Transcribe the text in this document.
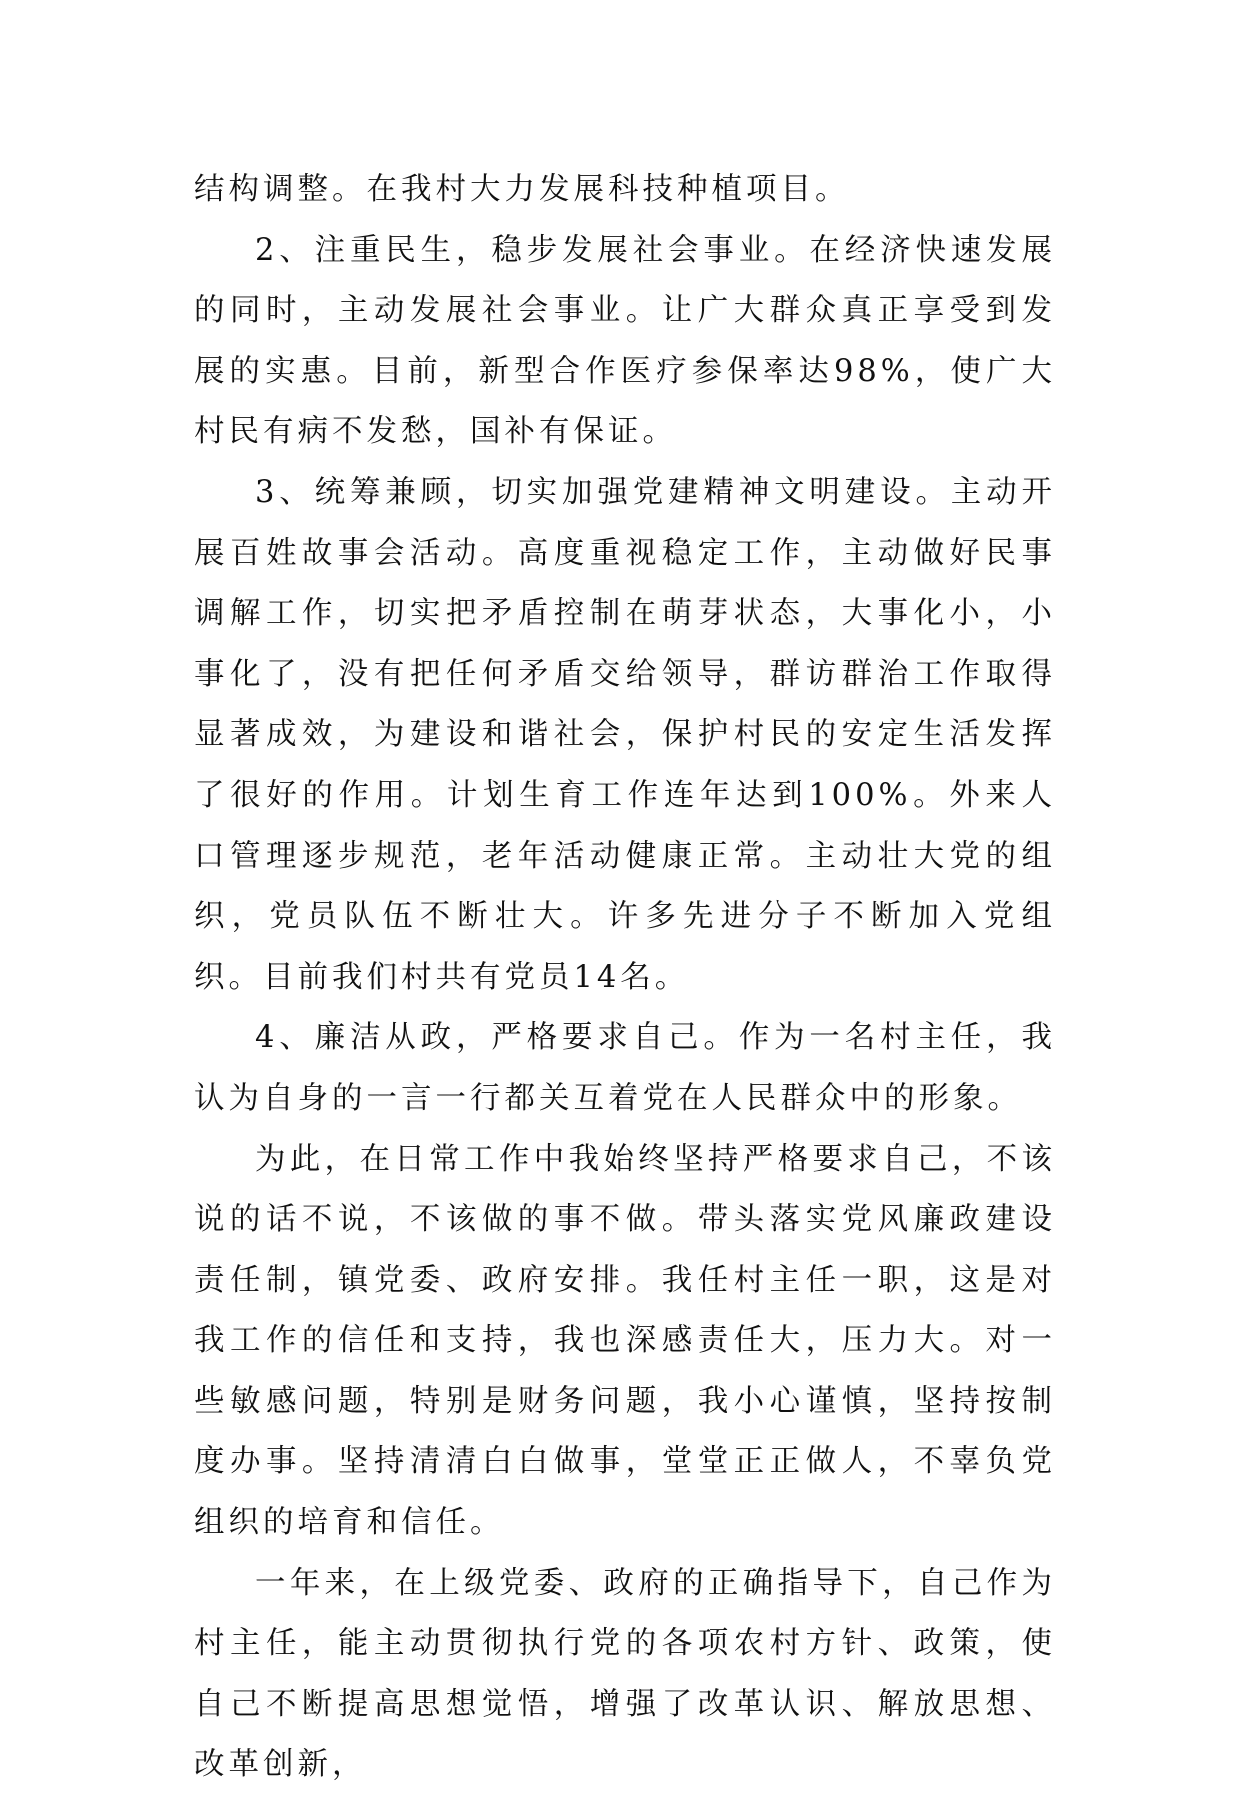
结构调整。在我村大力发展科技种植项目。

2、注重民生，稳步发展社会事业。在经济快速发展的同时，主动发展社会事业。让广大群众真正享受到发展的实惠。目前，新型合作医疗参保率达98%，使广大村民有病不发愁，国补有保证。

3、统筹兼顾，切实加强党建精神文明建设。主动开展百姓故事会活动。高度重视稳定工作，主动做好民事调解工作，切实把矛盾控制在萌芽状态，大事化小，小事化了，没有把任何矛盾交给领导，群访群治工作取得显著成效，为建设和谐社会，保护村民的安定生活发挥了很好的作用。计划生育工作连年达到100%。外来人口管理逐步规范，老年活动健康正常。主动壮大党的组织，党员队伍不断壮大。许多先进分子不断加入党组织。目前我们村共有党员14名。

4、廉洁从政，严格要求自己。作为一名村主任，我认为自身的一言一行都关互着党在人民群众中的形象。

为此，在日常工作中我始终坚持严格要求自己，不该说的话不说，不该做的事不做。带头落实党风廉政建设责任制，镇党委、政府安排。我任村主任一职，这是对我工作的信任和支持，我也深感责任大，压力大。对一些敏感问题，特别是财务问题，我小心谨慎，坚持按制度办事。坚持清清白白做事，堂堂正正做人，不辜负党组织的培育和信任。

一年来，在上级党委、政府的正确指导下，自己作为村主任，能主动贯彻执行党的各项农村方针、政策，使自己不断提高思想觉悟，增强了改革认识、解放思想、改革创新，
